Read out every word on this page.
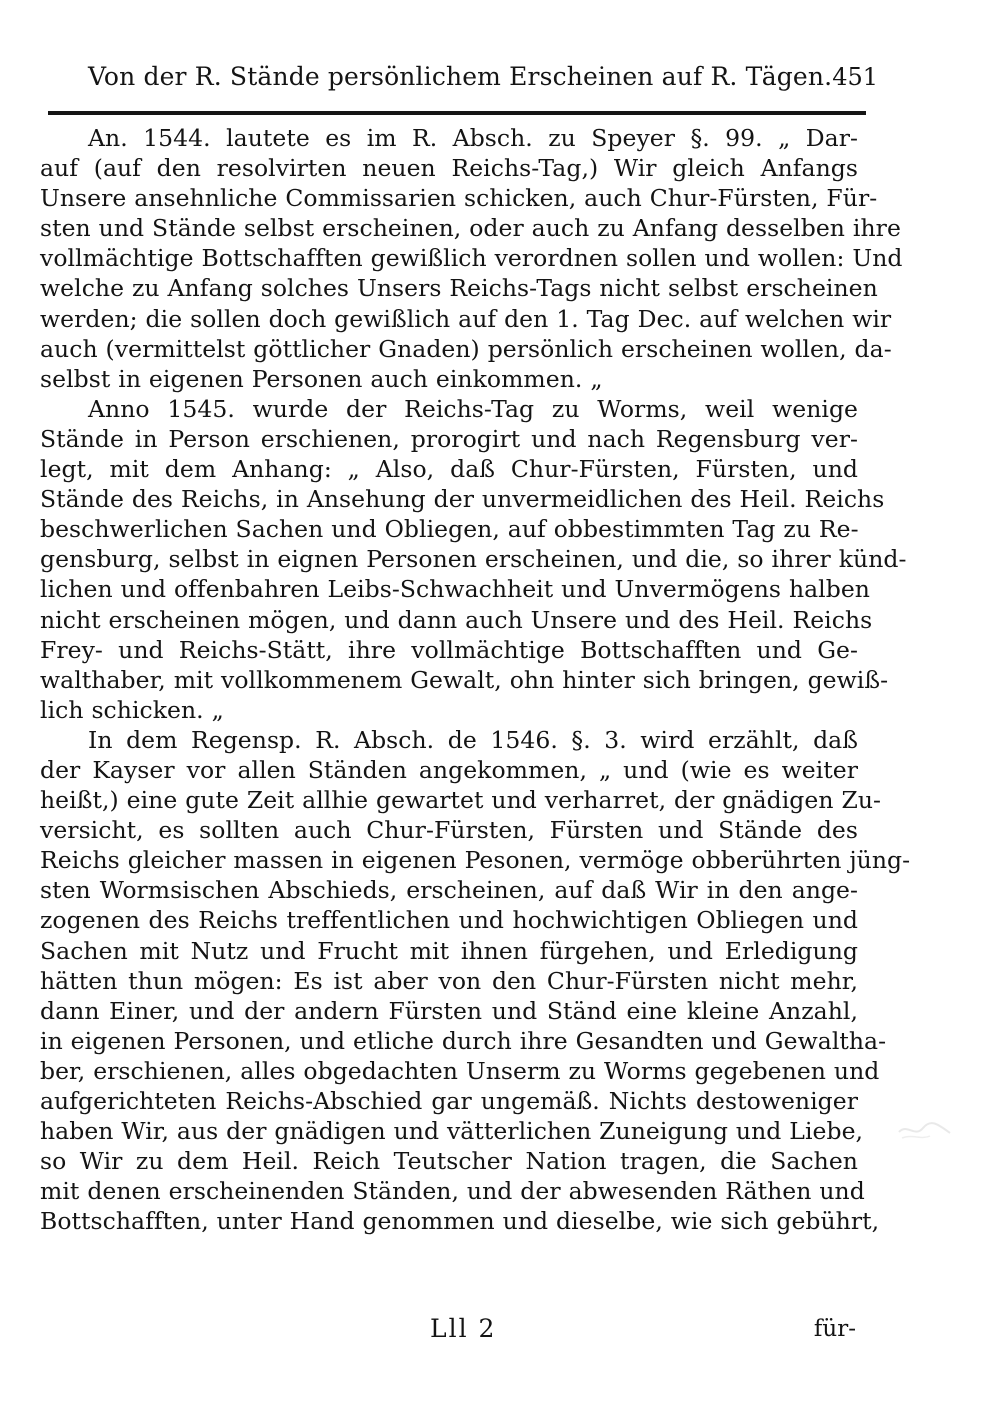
Von der R. Stände persönlichem Erscheinen auf R. Tägen. 451
An. 1544. lautete es im R. Absch. zu Speyer §. 99. „ Dar-
auf (auf den resolvirten neuen Reichs-Tag,) Wir gleich Anfangs
Unsere ansehnliche Commissarien schicken, auch Chur-Fürsten, Für-
sten und Stände selbst erscheinen, oder auch zu Anfang desselben ihre
vollmächtige Bottschafften gewißlich verordnen sollen und wollen: Und
welche zu Anfang solches Unsers Reichs-Tags nicht selbst erscheinen
werden; die sollen doch gewißlich auf den 1. Tag Dec. auf welchen wir
auch (vermittelst göttlicher Gnaden) persönlich erscheinen wollen, da-
selbst in eigenen Personen auch einkommen. „
Anno 1545. wurde der Reichs-Tag zu Worms, weil wenige
Stände in Person erschienen, prorogirt und nach Regensburg ver-
legt, mit dem Anhang: „ Also, daß Chur-Fürsten, Fürsten, und
Stände des Reichs, in Ansehung der unvermeidlichen des Heil. Reichs
beschwerlichen Sachen und Obliegen, auf obbestimmten Tag zu Re-
gensburg, selbst in eignen Personen erscheinen, und die, so ihrer künd-
lichen und offenbahren Leibs-Schwachheit und Unvermögens halben
nicht erscheinen mögen, und dann auch Unsere und des Heil. Reichs
Frey- und Reichs-Stätt, ihre vollmächtige Bottschafften und Ge-
walthaber, mit vollkommenem Gewalt, ohn hinter sich bringen, gewiß-
lich schicken. „
In dem Regensp. R. Absch. de 1546. §. 3. wird erzählt, daß
der Kayser vor allen Ständen angekommen, „ und (wie es weiter
heißt,) eine gute Zeit allhie gewartet und verharret, der gnädigen Zu-
versicht, es sollten auch Chur-Fürsten, Fürsten und Stände des
Reichs gleicher massen in eigenen Pesonen, vermöge obberührten jüng-
sten Wormsischen Abschieds, erscheinen, auf daß Wir in den ange-
zogenen des Reichs treffentlichen und hochwichtigen Obliegen und
Sachen mit Nutz und Frucht mit ihnen fürgehen, und Erledigung
hätten thun mögen: Es ist aber von den Chur-Fürsten nicht mehr,
dann Einer, und der andern Fürsten und Ständ eine kleine Anzahl,
in eigenen Personen, und etliche durch ihre Gesandten und Gewaltha-
ber, erschienen, alles obgedachten Unserm zu Worms gegebenen und
aufgerichteten Reichs-Abschied gar ungemäß. Nichts destoweniger
haben Wir, aus der gnädigen und vätterlichen Zuneigung und Liebe,
so Wir zu dem Heil. Reich Teutscher Nation tragen, die Sachen
mit denen erscheinenden Ständen, und der abwesenden Räthen und
Bottschafften, unter Hand genommen und dieselbe, wie sich gebührt,
Lll 2	für-
